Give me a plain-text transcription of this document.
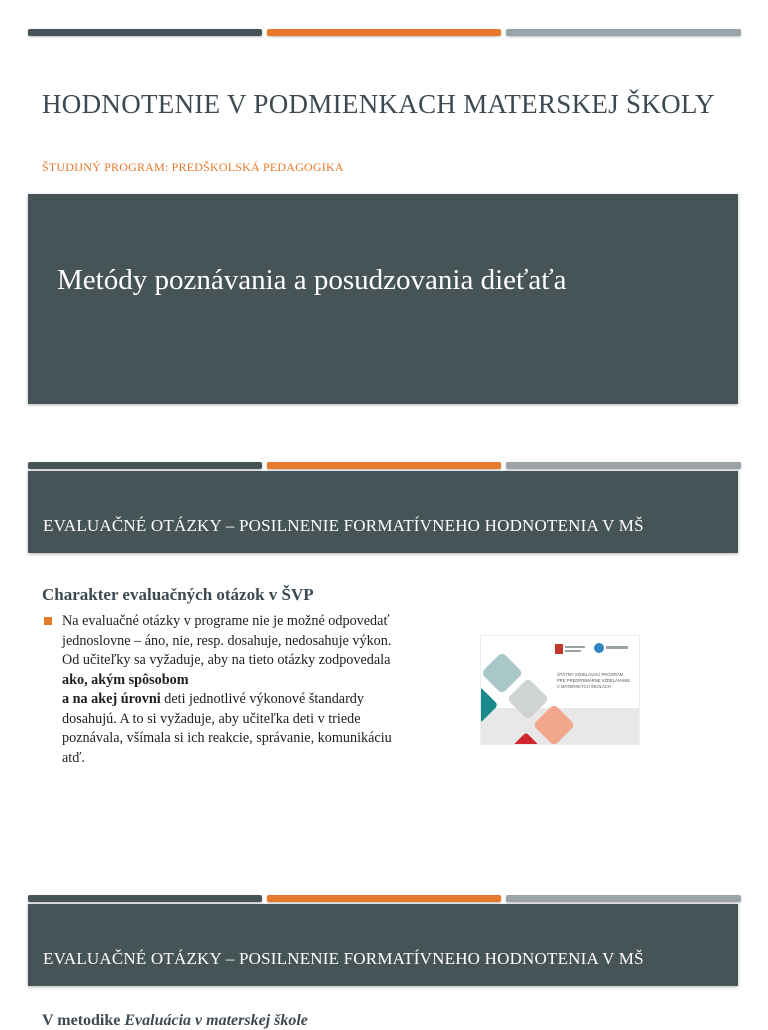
HODNOTENIE V PODMIENKACH MATERSKEJ ŠKOLY
ŠTUDIJNÝ PROGRAM: PREDŠKOLSKÁ PEDAGOGIKA
Metódy poznávania a posudzovania dieťaťa
EVALUAČNÉ OTÁZKY – POSILNENIE FORMATÍVNEHO HODNOTENIA V MŠ
Charakter evaluačných otázok v ŠVP
Na evaluačné otázky v programe nie je možné odpovedať jednoslovne – áno, nie, resp. dosahuje, nedosahuje výkon. Od učiteľky sa vyžaduje, aby na tieto otázky zodpovedala ako, akým spôsobom
a na akej úrovni deti jednotlivé výkonové štandardy dosahujú. A to si vyžaduje, aby učiteľka deti v triede poznávala, všímala si ich reakcie, správanie, komunikáciu atď.
ŠTÁTNY VZDELÁVACÍ PROGRAM
PRE PREDPRIMÁRNE VZDELÁVANIE
V MATERSKÝCH ŠKOLÁCH
EVALUAČNÉ OTÁZKY – POSILNENIE FORMATÍVNEHO HODNOTENIA V MŠ
V metodike Evaluácia v materskej škole
